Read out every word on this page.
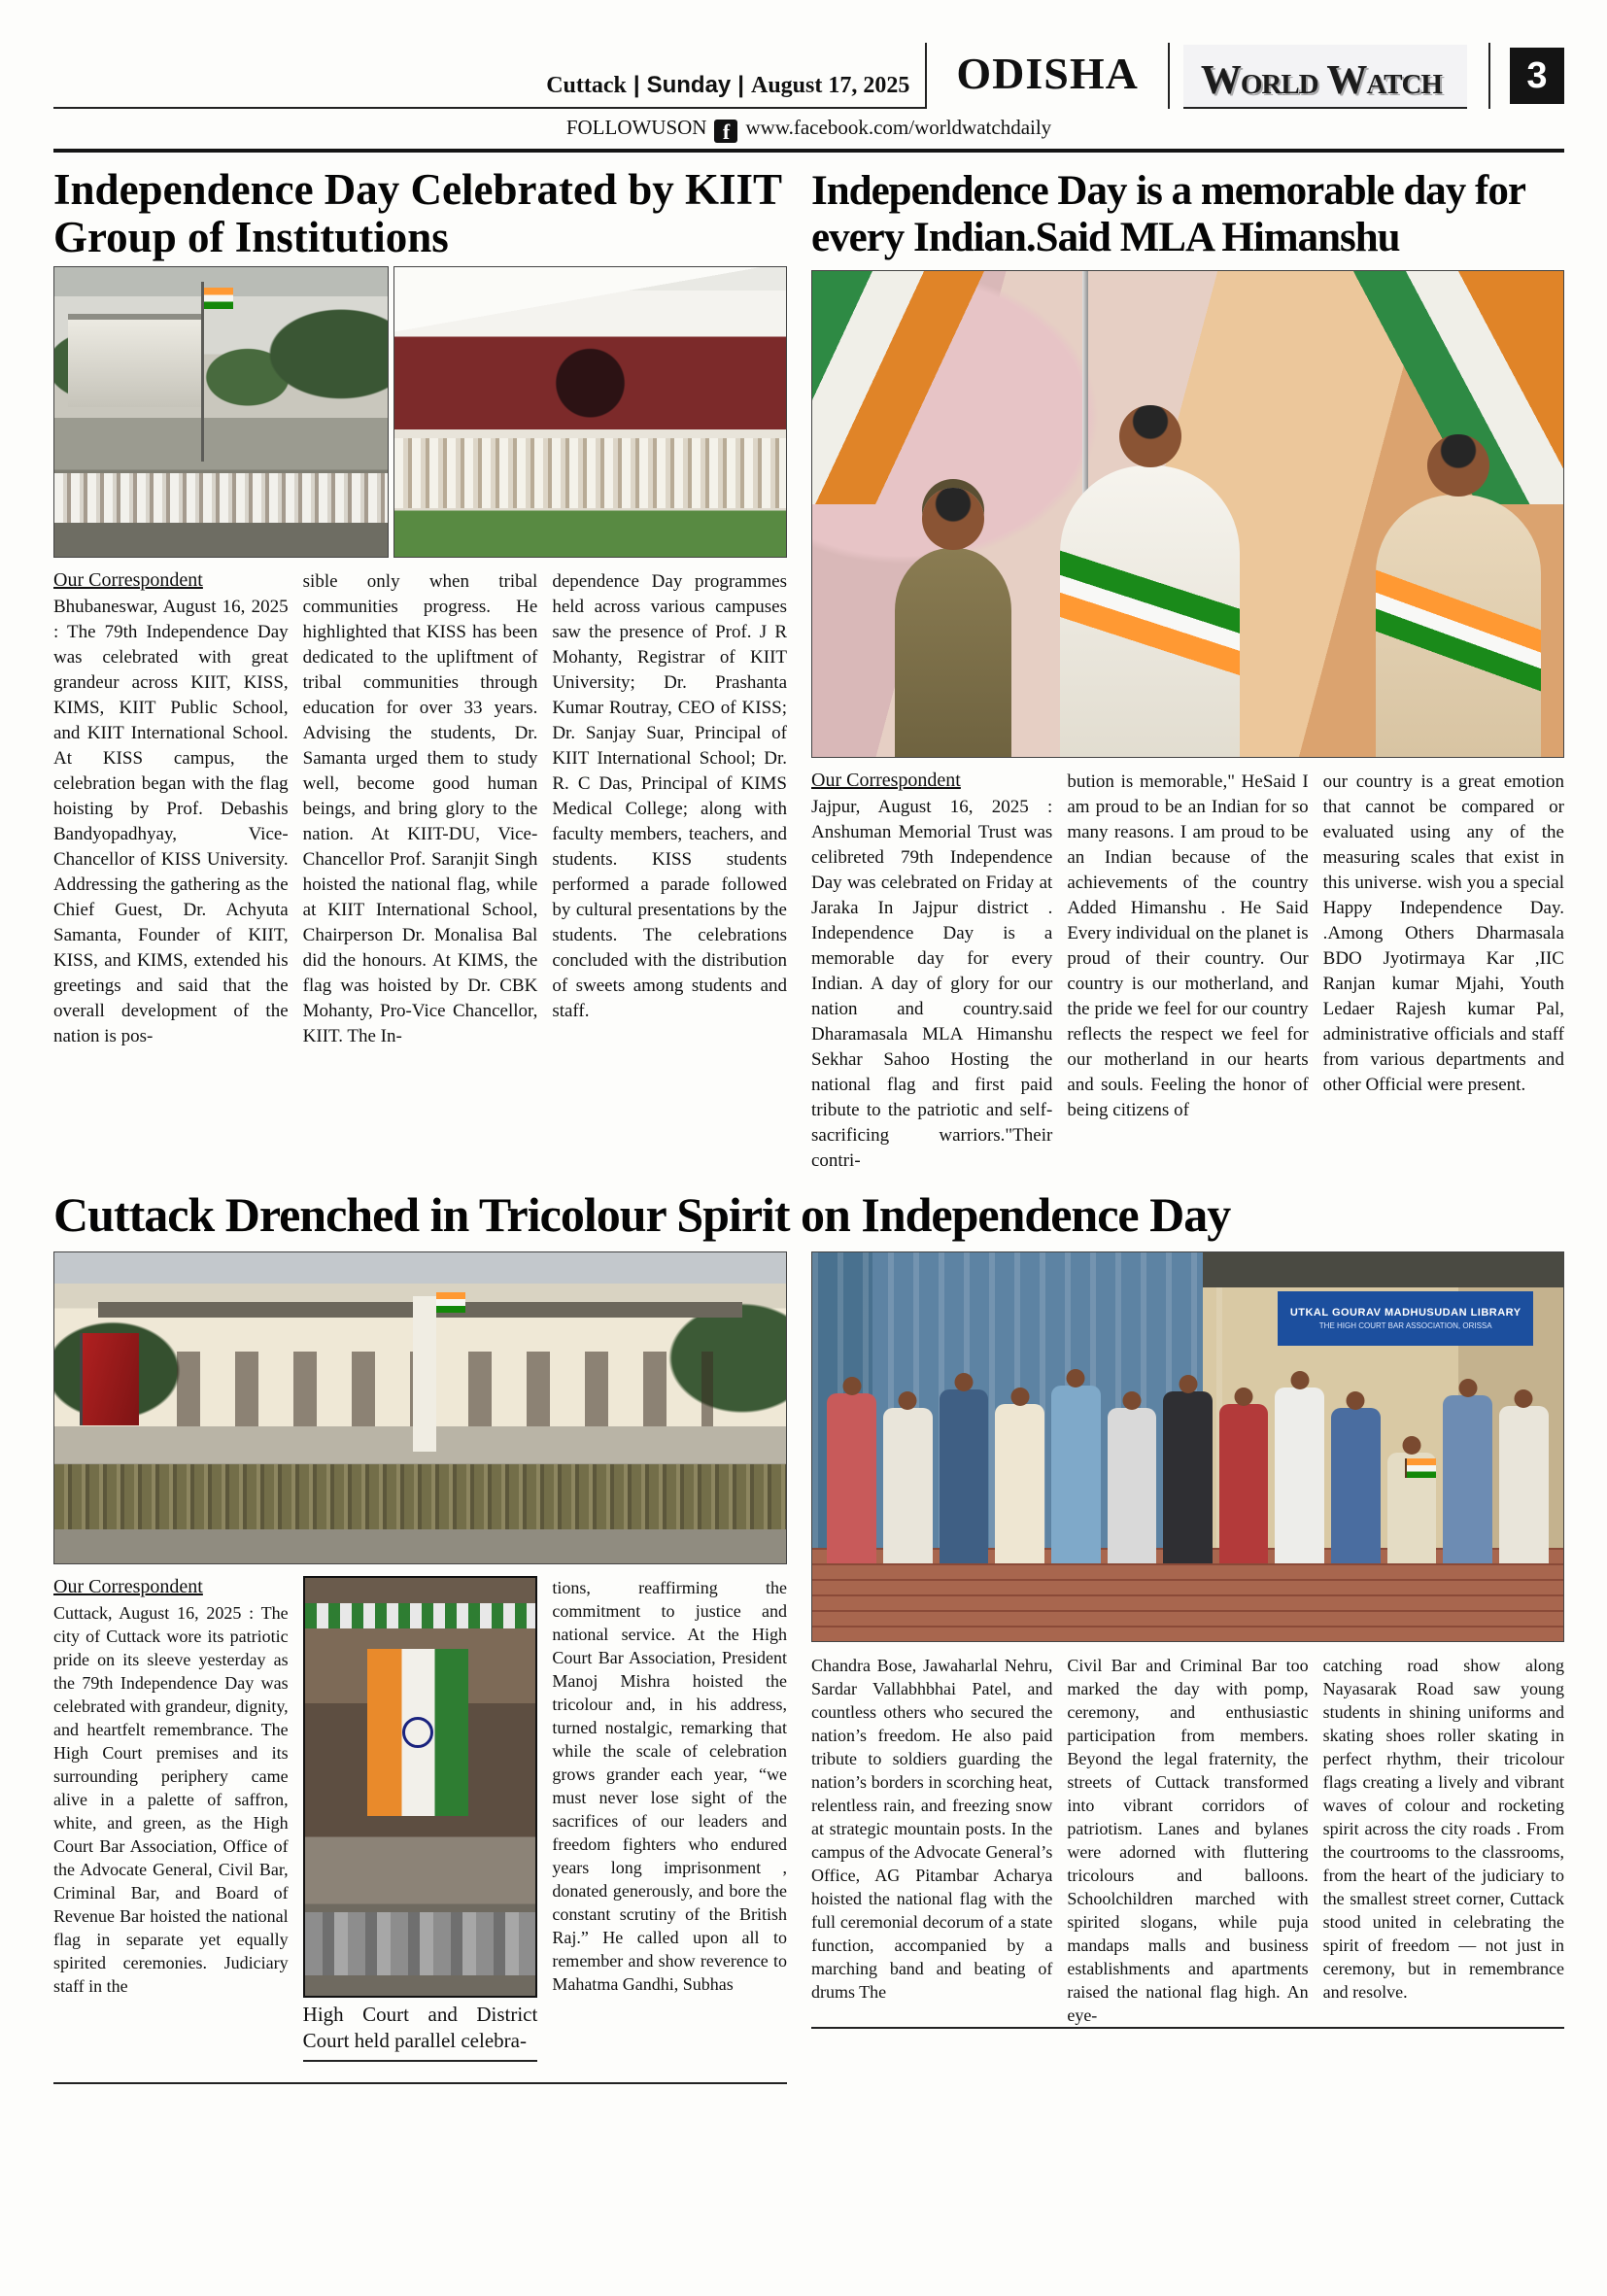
Cuttack | Sunday | August 17, 2025	ODISHA	World Watch	3
FOLLOWUSON f www.facebook.com/worldwatchdaily
Independence Day Celebrated by KIIT Group of Institutions
Our Correspondent

Bhubaneswar, August 16, 2025 : The 79th Independence Day was celebrated with great grandeur across KIIT, KISS, KIMS, KIIT Public School, and KIIT International School. At KISS campus, the celebration began with the flag hoisting by Prof. Debashis Bandyopadhyay, Vice-Chancellor of KISS University. Addressing the gathering as the Chief Guest, Dr. Achyuta Samanta, Founder of KIIT, KISS, and KIMS, extended his greetings and said that the overall development of the nation is pos-

sible only when tribal communities progress. He highlighted that KISS has been dedicated to the upliftment of tribal communities through education for over 33 years. Advising the students, Dr. Samanta urged them to study well, become good human beings, and bring glory to the nation. At KIIT-DU, Vice-Chancellor Prof. Saranjit Singh hoisted the national flag, while at KIIT International School, Chairperson Dr. Monalisa Bal did the honours. At KIMS, the flag was hoisted by Dr. CBK Mohanty, Pro-Vice Chancellor, KIIT. The In-

dependence Day programmes held across various campuses saw the presence of Prof. J R Mohanty, Registrar of KIIT University; Dr. Prashanta Kumar Routray, CEO of KISS; Dr. Sanjay Suar, Principal of KIIT International School; Dr. R. C Das, Principal of KIMS Medical College; along with faculty members, teachers, and students. KISS students performed a parade followed by cultural presentations by the students. The celebrations concluded with the distribution of sweets among students and staff.

Independence Day is a memorable day for every Indian.Said MLA Himanshu
Our Correspondent

Jajpur, August 16, 2025 : Anshuman Memorial Trust was celibreted 79th Independence Day was celebrated on Friday at Jaraka In Jajpur district . Independence Day is a memorable day for every Indian. A day of glory for our nation and country.said Dharamasala MLA Himanshu Sekhar Sahoo Hosting the national flag and first paid tribute to the patriotic and self-sacrificing warriors."Their contri-

bution is memorable," HeSaid I am proud to be an Indian for so many reasons. I am proud to be an Indian because of the achievements of the country Added Himanshu . He Said Every individual on the planet is proud of their country. Our country is our motherland, and the pride we feel for our country reflects the respect we feel for our motherland in our hearts and souls. Feeling the honor of being citizens of

our country is a great emotion that cannot be compared or evaluated using any of the measuring scales that exist in this universe. wish you a special Happy Independence Day. .Among Others Dharmasala BDO Jyotirmaya Kar ,IIC Ranjan kumar Mjahi, Youth Ledaer Rajesh kumar Pal, administrative officials and staff from various departments and other Official were present.

Cuttack Drenched in Tricolour Spirit on Independence Day
Our Correspondent

Cuttack, August 16, 2025 : The city of Cuttack wore its patriotic pride on its sleeve yesterday as the 79th Independence Day was celebrated with grandeur, dignity, and heartfelt remembrance. The High Court premises and its surrounding periphery came alive in a palette of saffron, white, and green, as the High Court Bar Association, Office of the Advocate General, Civil Bar, Criminal Bar, and Board of Revenue Bar hoisted the national flag in separate yet equally spirited ceremonies. Judiciary staff in the

High Court and District Court held parallel celebra-

tions, reaffirming the commitment to justice and national service. At the High Court Bar Association, President Manoj Mishra hoisted the tricolour and, in his address, turned nostalgic, remarking that while the scale of celebration grows grander each year, “we must never lose sight of the sacrifices of our leaders and freedom fighters who endured years long imprisonment , donated generously, and bore the constant scrutiny of the British Raj.” He called upon all to remember and show reverence to Mahatma Gandhi, Subhas

UTKAL GOURAV MADHUSUDAN LIBRARY
THE HIGH COURT BAR ASSOCIATION, ORISSA

Chandra Bose, Jawaharlal Nehru, Sardar Vallabhbhai Patel, and countless others who secured the nation’s freedom. He also paid tribute to soldiers guarding the nation’s borders in scorching heat, relentless rain, and freezing snow at strategic mountain posts. In the campus of the Advocate General’s Office, AG Pitambar Acharya hoisted the national flag with the full ceremonial decorum of a state function, accompanied by a marching band and beating of drums The

Civil Bar and Criminal Bar too marked the day with pomp, ceremony, and enthusiastic participation from members. Beyond the legal fraternity, the streets of Cuttack transformed into vibrant corridors of patriotism. Lanes and bylanes were adorned with fluttering tricolours and balloons. Schoolchildren marched with spirited slogans, while puja mandaps malls and business establishments and apartments raised the national flag high. An eye-

catching road show along Nayasarak Road saw young students in shining uniforms and skating shoes roller skating in perfect rhythm, their tricolour flags creating a lively and vibrant waves of colour and rocketing spirit across the city roads . From the courtrooms to the classrooms, from the heart of the judiciary to the smallest street corner, Cuttack stood united in celebrating the spirit of freedom — not just in ceremony, but in remembrance and resolve.
